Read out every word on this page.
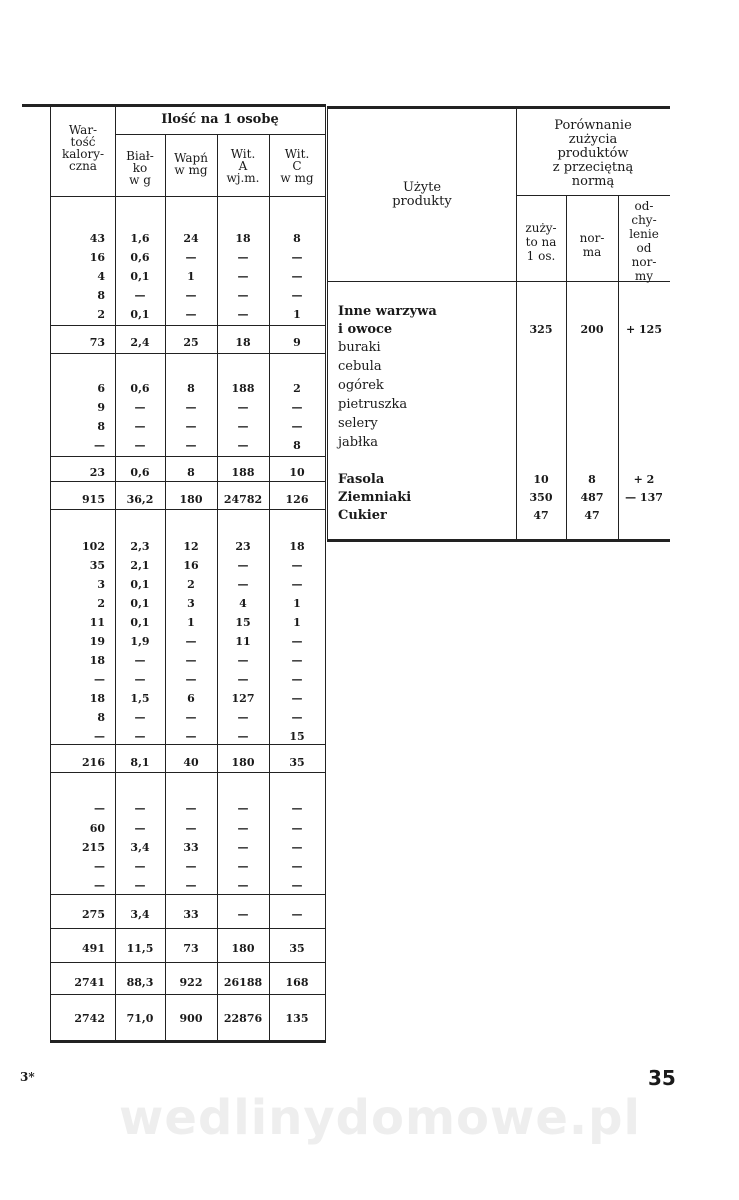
War-
tość
kalory-
czna
Ilość na 1 osobę
Biał-
ko
w g
Wapń
w mg
Wit.
A
wj.m.
Wit.
C
w mg
43	1,6	24	18	8
16	0,6	—	—	—
4	0,1	1	—	—
8	—	—	—	—
2	0,1	—	—	1
73	2,4	25	18	9
6	0,6	8	188	2
9	—	—	—	—
8	—	—	—	—
—	—	—	—	8
23	0,6	8	188	10
915	36,2	180	24782	126
102	2,3	12	23	18
35	2,1	16	—	—
3	0,1	2	—	—
2	0,1	3	4	1
11	0,1	1	15	1
19	1,9	—	11	—
18	—	—	—	—
—	—	—	—	—
18	1,5	6	127	—
8	—	—	—	—
—	—	—	—	15
216	8,1	40	180	35
—	—	—	—	—
60	—	—	—	—
215	3,4	33	—	—
—	—	—	—	—
—	—	—	—	—
275	3,4	33	—	—
491	11,5	73	180	35
2741	88,3	922	26188	168
2742	71,0	900	22876	135
Porównanie
zużycia
produktów
z przeciętną
normą
Użyte
produkty
zuży-
to na
1 os.
nor-
ma
od-
chy-
lenie
od
nor-
my
Inne warzywa
i owoce	325	200	+ 125
buraki
cebula
ogórek
pietruszka
selery
jabłka
Fasola	10	8	+ 2
Ziemniaki	350	487	— 137
Cukier	47	47
3*	35
wedlinydomowe.pl
